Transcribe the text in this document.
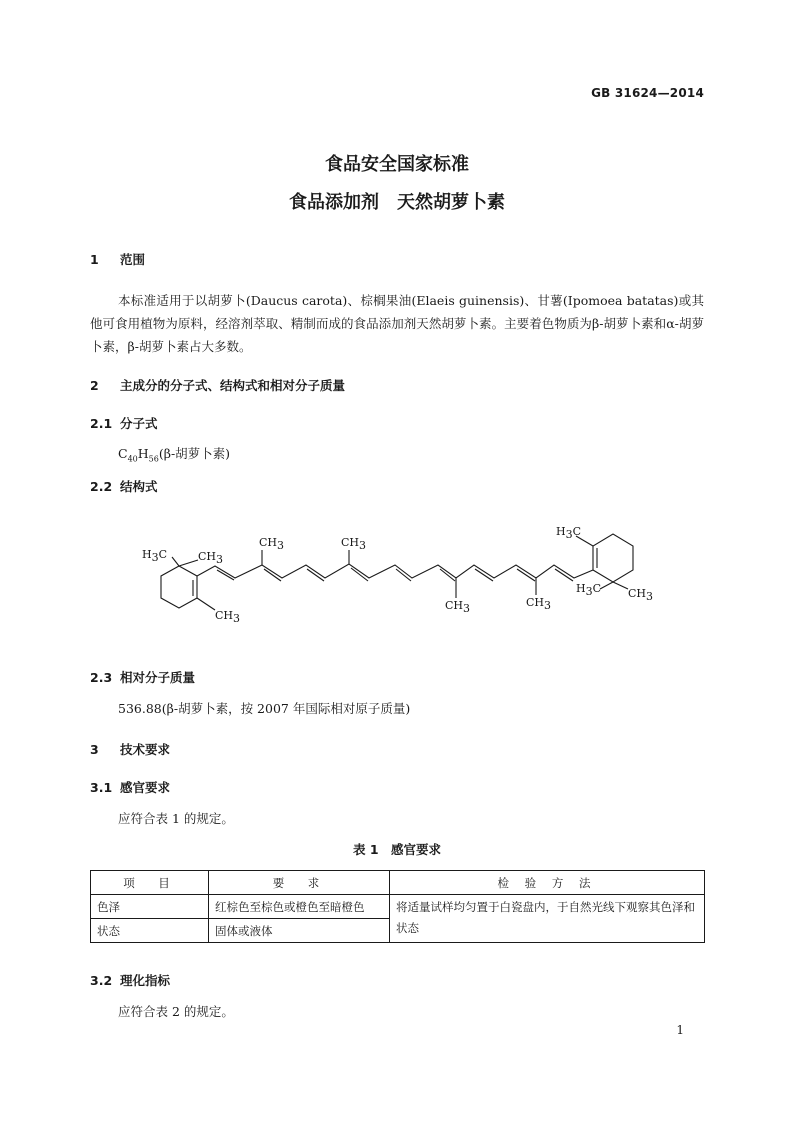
GB 31624—2014
食品安全国家标准
食品添加剂　天然胡萝卜素
1 范围
本标准适用于以胡萝卜(Daucus carota)、棕榈果油(Elaeis guinensis)、甘薯(Ipomoea batatas)或其他可食用植物为原料，经溶剂萃取、精制而成的食品添加剂天然胡萝卜素。主要着色物质为β-胡萝卜素和α-胡萝卜素，β-胡萝卜素占大多数。
2 主成分的分子式、结构式和相对分子质量
2.1 分子式
$C_{40}H_{56}(\beta-$胡萝卜素)
2.2 结构式
H3C	CH3
CH3
CH3	CH3
CH3	CH3
H3C
H3C CH3
2.3 相对分子质量
536.88(β-胡萝卜素，按 2007 年国际相对原子质量)
3 技术要求
3.1 感官要求
应符合表 1 的规定。
表 1　感官要求
项　目	要　求	检 验 方 法
色泽	红棕色至棕色或橙色至暗橙色	将适量试样均匀置于白瓷盘内，于自然光线下观察其色泽和状态
状态	固体或液体	
3.2 理化指标
应符合表 2 的规定。
1
